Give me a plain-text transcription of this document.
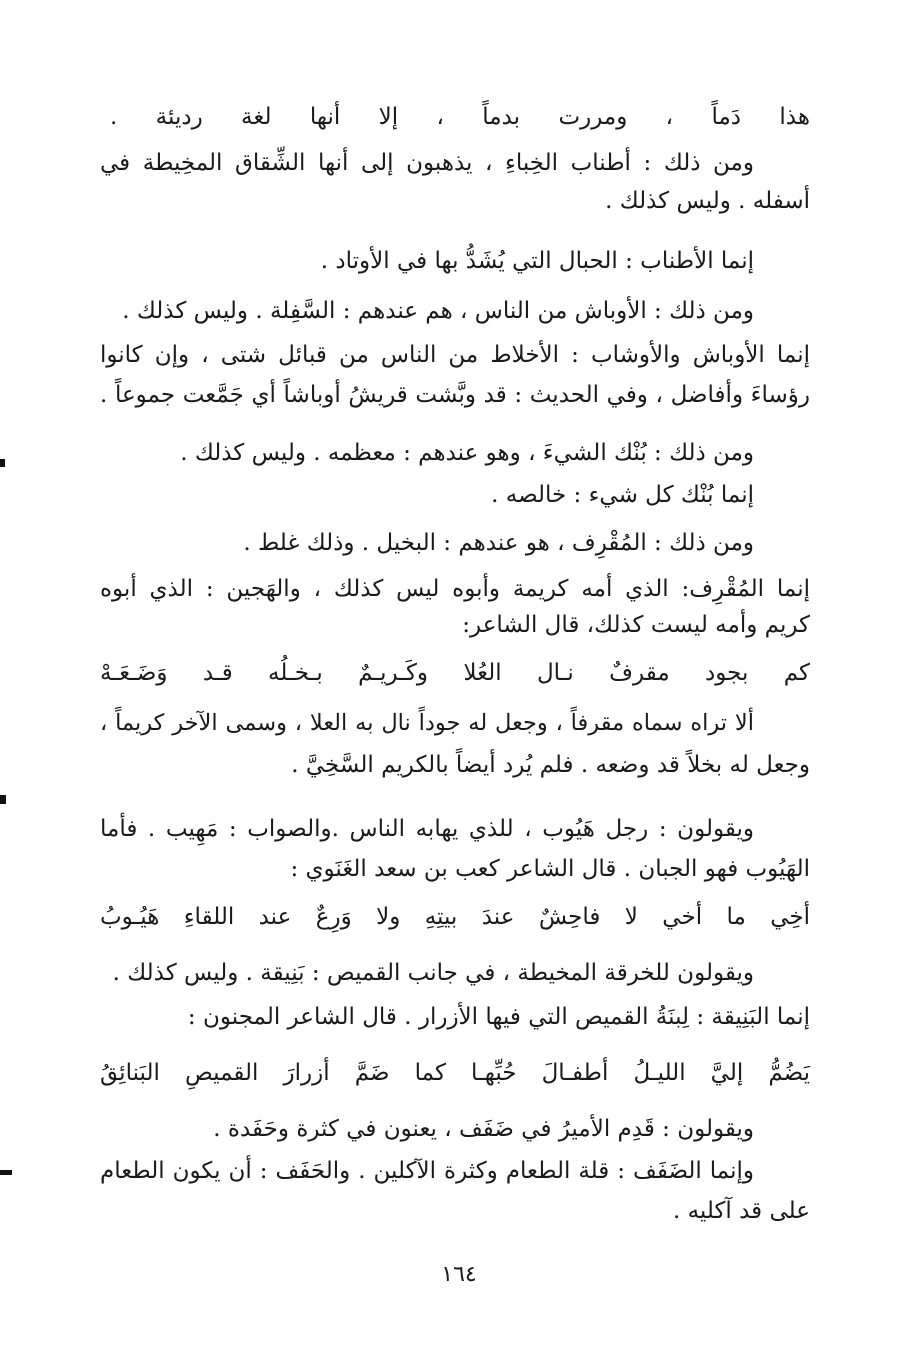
هذا دَماً ، ومررت بدماً ، إلا أنها لغة رديئة .
ومن ذلك : أطناب الخِباءِ ، يذهبون إلى أنها الشِّقاق المخِيطة في
أسفله . وليس كذلك .
إنما الأطناب : الحبال التي يُشَدُّ بها في الأوتاد .
ومن ذلك : الأوباش من الناس ، هم عندهم : السَّفِلة . وليس كذلك .
إنما الأوباش والأوشاب : الأخلاط من الناس من قبائل شتى ، وإن كانوا
رؤساءَ وأفاضل ، وفي الحديث : قد وبَّشت قريشُ أوباشاً أي جَمَّعت جموعاً .
ومن ذلك : بُنْك الشيءَ ، وهو عندهم : معظمه . وليس كذلك .
إنما بُنْك كل شيء : خالصه .
ومن ذلك : المُقْرِف ، هو عندهم : البخيل . وذلك غلط .
إنما المُقْرِف: الذي أمه كريمة وأبوه ليس كذلك ، والهَجين : الذي أبوه
كريم وأمه ليست كذلك، قال الشاعر:
كم بجود مقرفٌ نـال العُلا وكَـريـمٌ بـخـلُه قـد وَضَـعَـهْ
ألا تراه سماه مقرفاً ، وجعل له جوداً نال به العلا ، وسمى الآخر كريماً ،
وجعل له بخلاً قد وضعه . فلم يُرد أيضاً بالكريم السَّخِيَّ .
ويقولون : رجل هَيُوب ، للذي يهابه الناس .والصواب : مَهِيب . فأما
الهَيُوب فهو الجبان . قال الشاعر كعب بن سعد الغَنَوي :
أخِي ما أخي لا فاحِشٌ عندَ بيتِهِ ولا وَرِعٌ عند اللقاءِ هَيُـوبُ
ويقولون للخرقة المخيطة ، في جانب القميص : بَنِيقة . وليس كذلك .
إنما البَنِيقة : لِبنَةُ القميص التي فيها الأزرار . قال الشاعر المجنون :
يَضُمُّ إليَّ الليـلُ أطفـالَ حُبِّهـا كما ضَمَّ أزرارَ القميصِ البَنائِقُ
ويقولون : قَدِم الأميرُ في ضَفَف ، يعنون في كثرة وحَفَدة .
وإنما الضَفَف : قلة الطعام وكثرة الآكلين . والحَفَف : أن يكون الطعام
على قد آكليه .
١٦٤
